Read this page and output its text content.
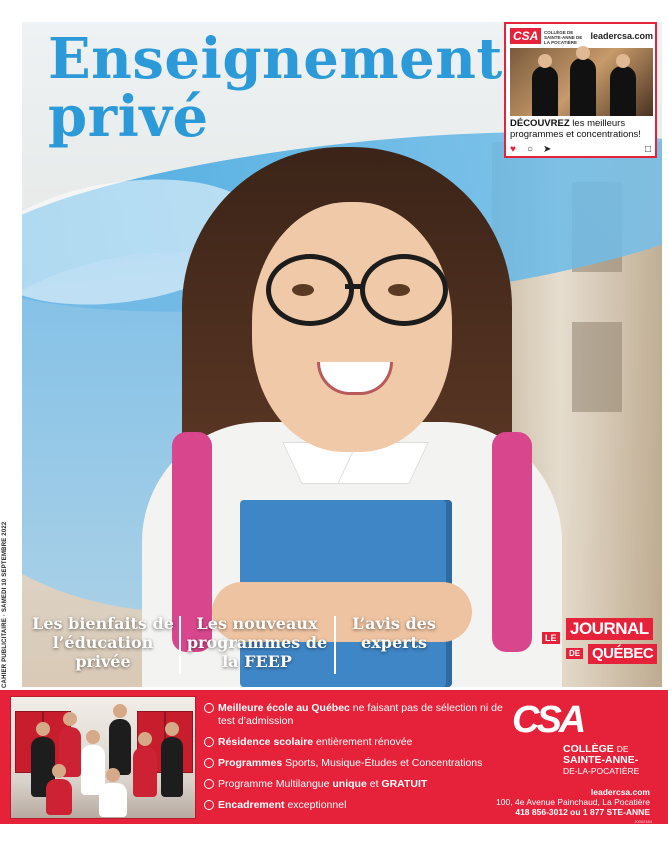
CAHIER PUBLICITAIRE · SAMEDI 10 SEPTEMBRE 2022
Enseignement
privé
CSA	COLLÈGE DE SAINTE-ANNE DE LA POCATIÈRE
leadercsa.com
DÉCOUVREZ les meilleurs programmes et concentrations!
♥ ○ ➤	□
Les bienfaits de l’éducation privée
Les nouveaux programmes de la FEEP
L’avis des experts	LE JOURNAL
DE QUÉBEC
Meilleure école au Québec ne faisant pas de sélection ni de test d’admission
Résidence scolaire entièrement rénovée
Programmes Sports, Musique-Études et Concentrations
Programme Multilangue unique et GRATUIT
Encadrement exceptionnel
CSA
COLLÈGE DE
SAINTE-ANNE-
DE-LA-POCATIÈRE
leadercsa.com
100, 4e Avenue Painchaud, La Pocatière
418 856-3012 ou 1 877 STE-ANNE
J0002184
